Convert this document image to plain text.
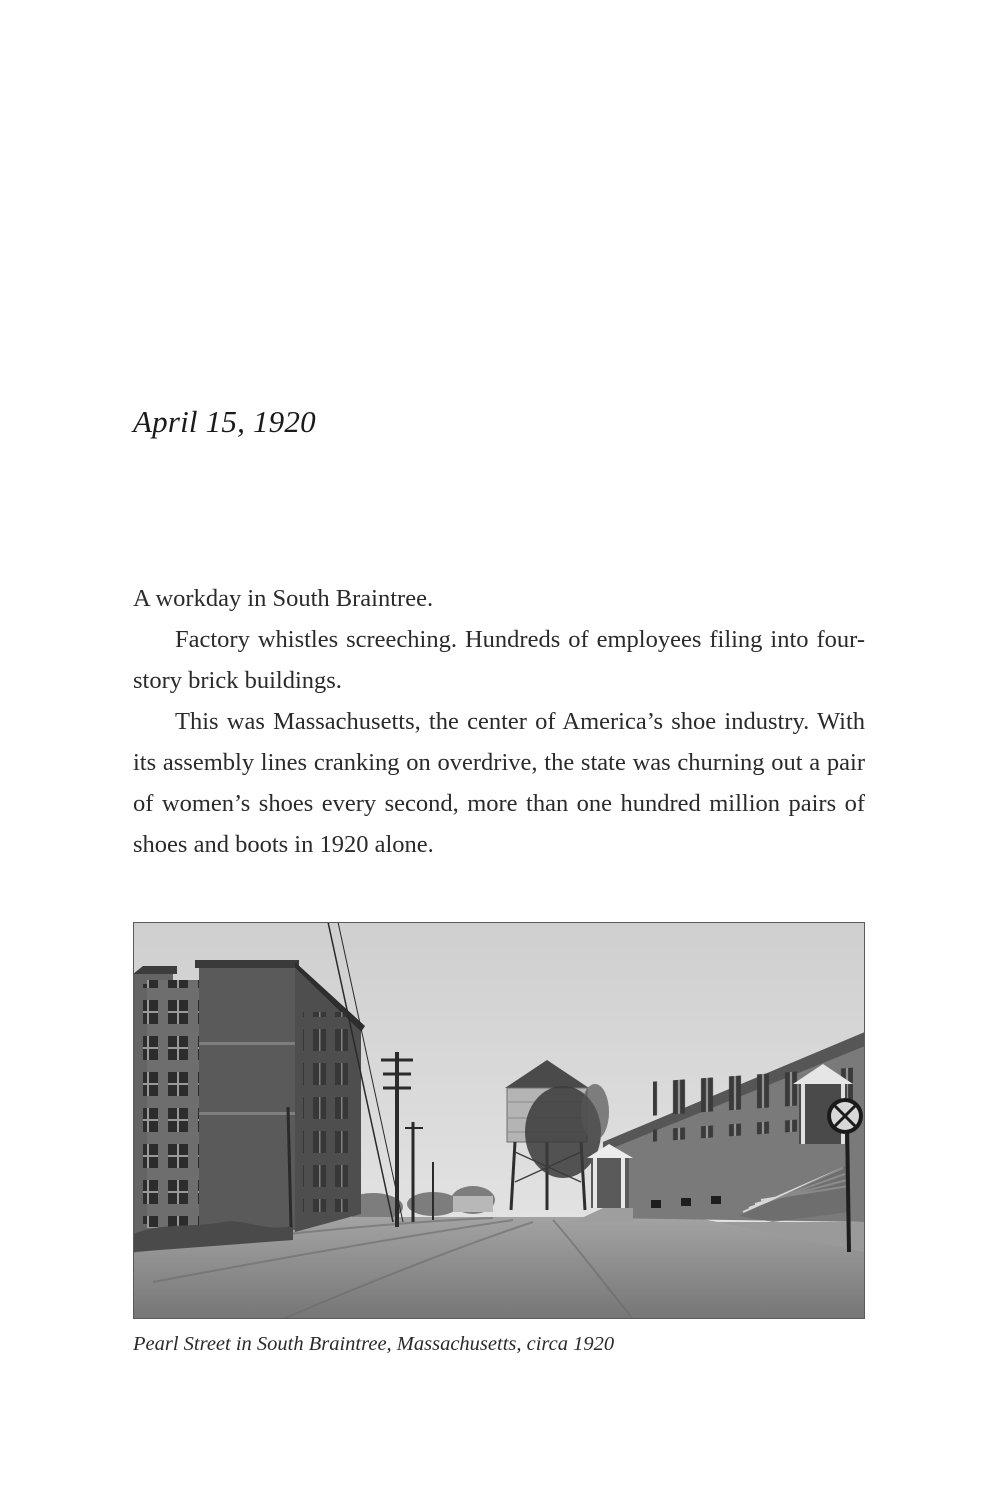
April 15, 1920

A workday in South Braintree.

Factory whistles screeching. Hundreds of employees filing into four-story brick buildings.

This was Massachusetts, the center of America’s shoe industry. With its assembly lines cranking on overdrive, the state was churning out a pair of women’s shoes every second, more than one hundred million pairs of shoes and boots in 1920 alone.

Pearl Street in South Braintree, Massachusetts, circa 1920
